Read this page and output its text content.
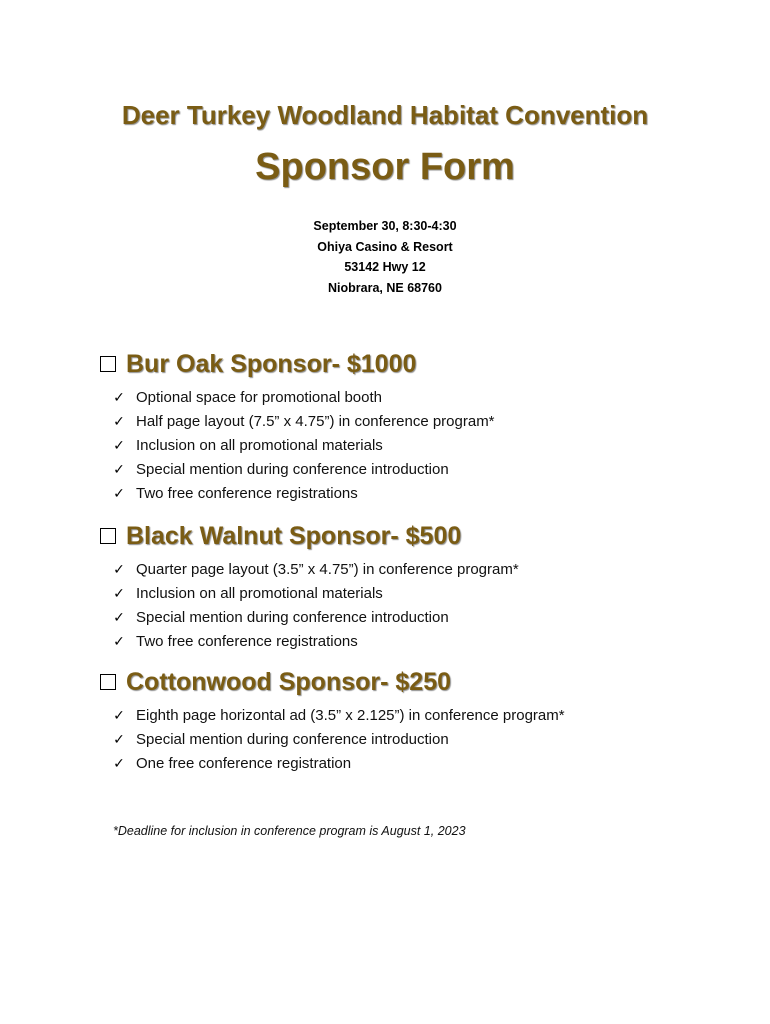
Deer Turkey Woodland Habitat Convention
Sponsor Form
September 30, 8:30-4:30
Ohiya Casino & Resort
53142 Hwy 12
Niobrara, NE 68760
Bur Oak Sponsor- $1000
✓ Optional space for promotional booth
✓ Half page layout (7.5” x 4.75”) in conference program*
✓ Inclusion on all promotional materials
✓ Special mention during conference introduction
✓ Two free conference registrations
Black Walnut Sponsor- $500
✓ Quarter page layout (3.5” x 4.75”) in conference program*
✓ Inclusion on all promotional materials
✓ Special mention during conference introduction
✓ Two free conference registrations
Cottonwood Sponsor- $250
✓ Eighth page horizontal ad (3.5” x 2.125”) in conference program*
✓ Special mention during conference introduction
✓ One free conference registration
*Deadline for inclusion in conference program is August 1, 2023
